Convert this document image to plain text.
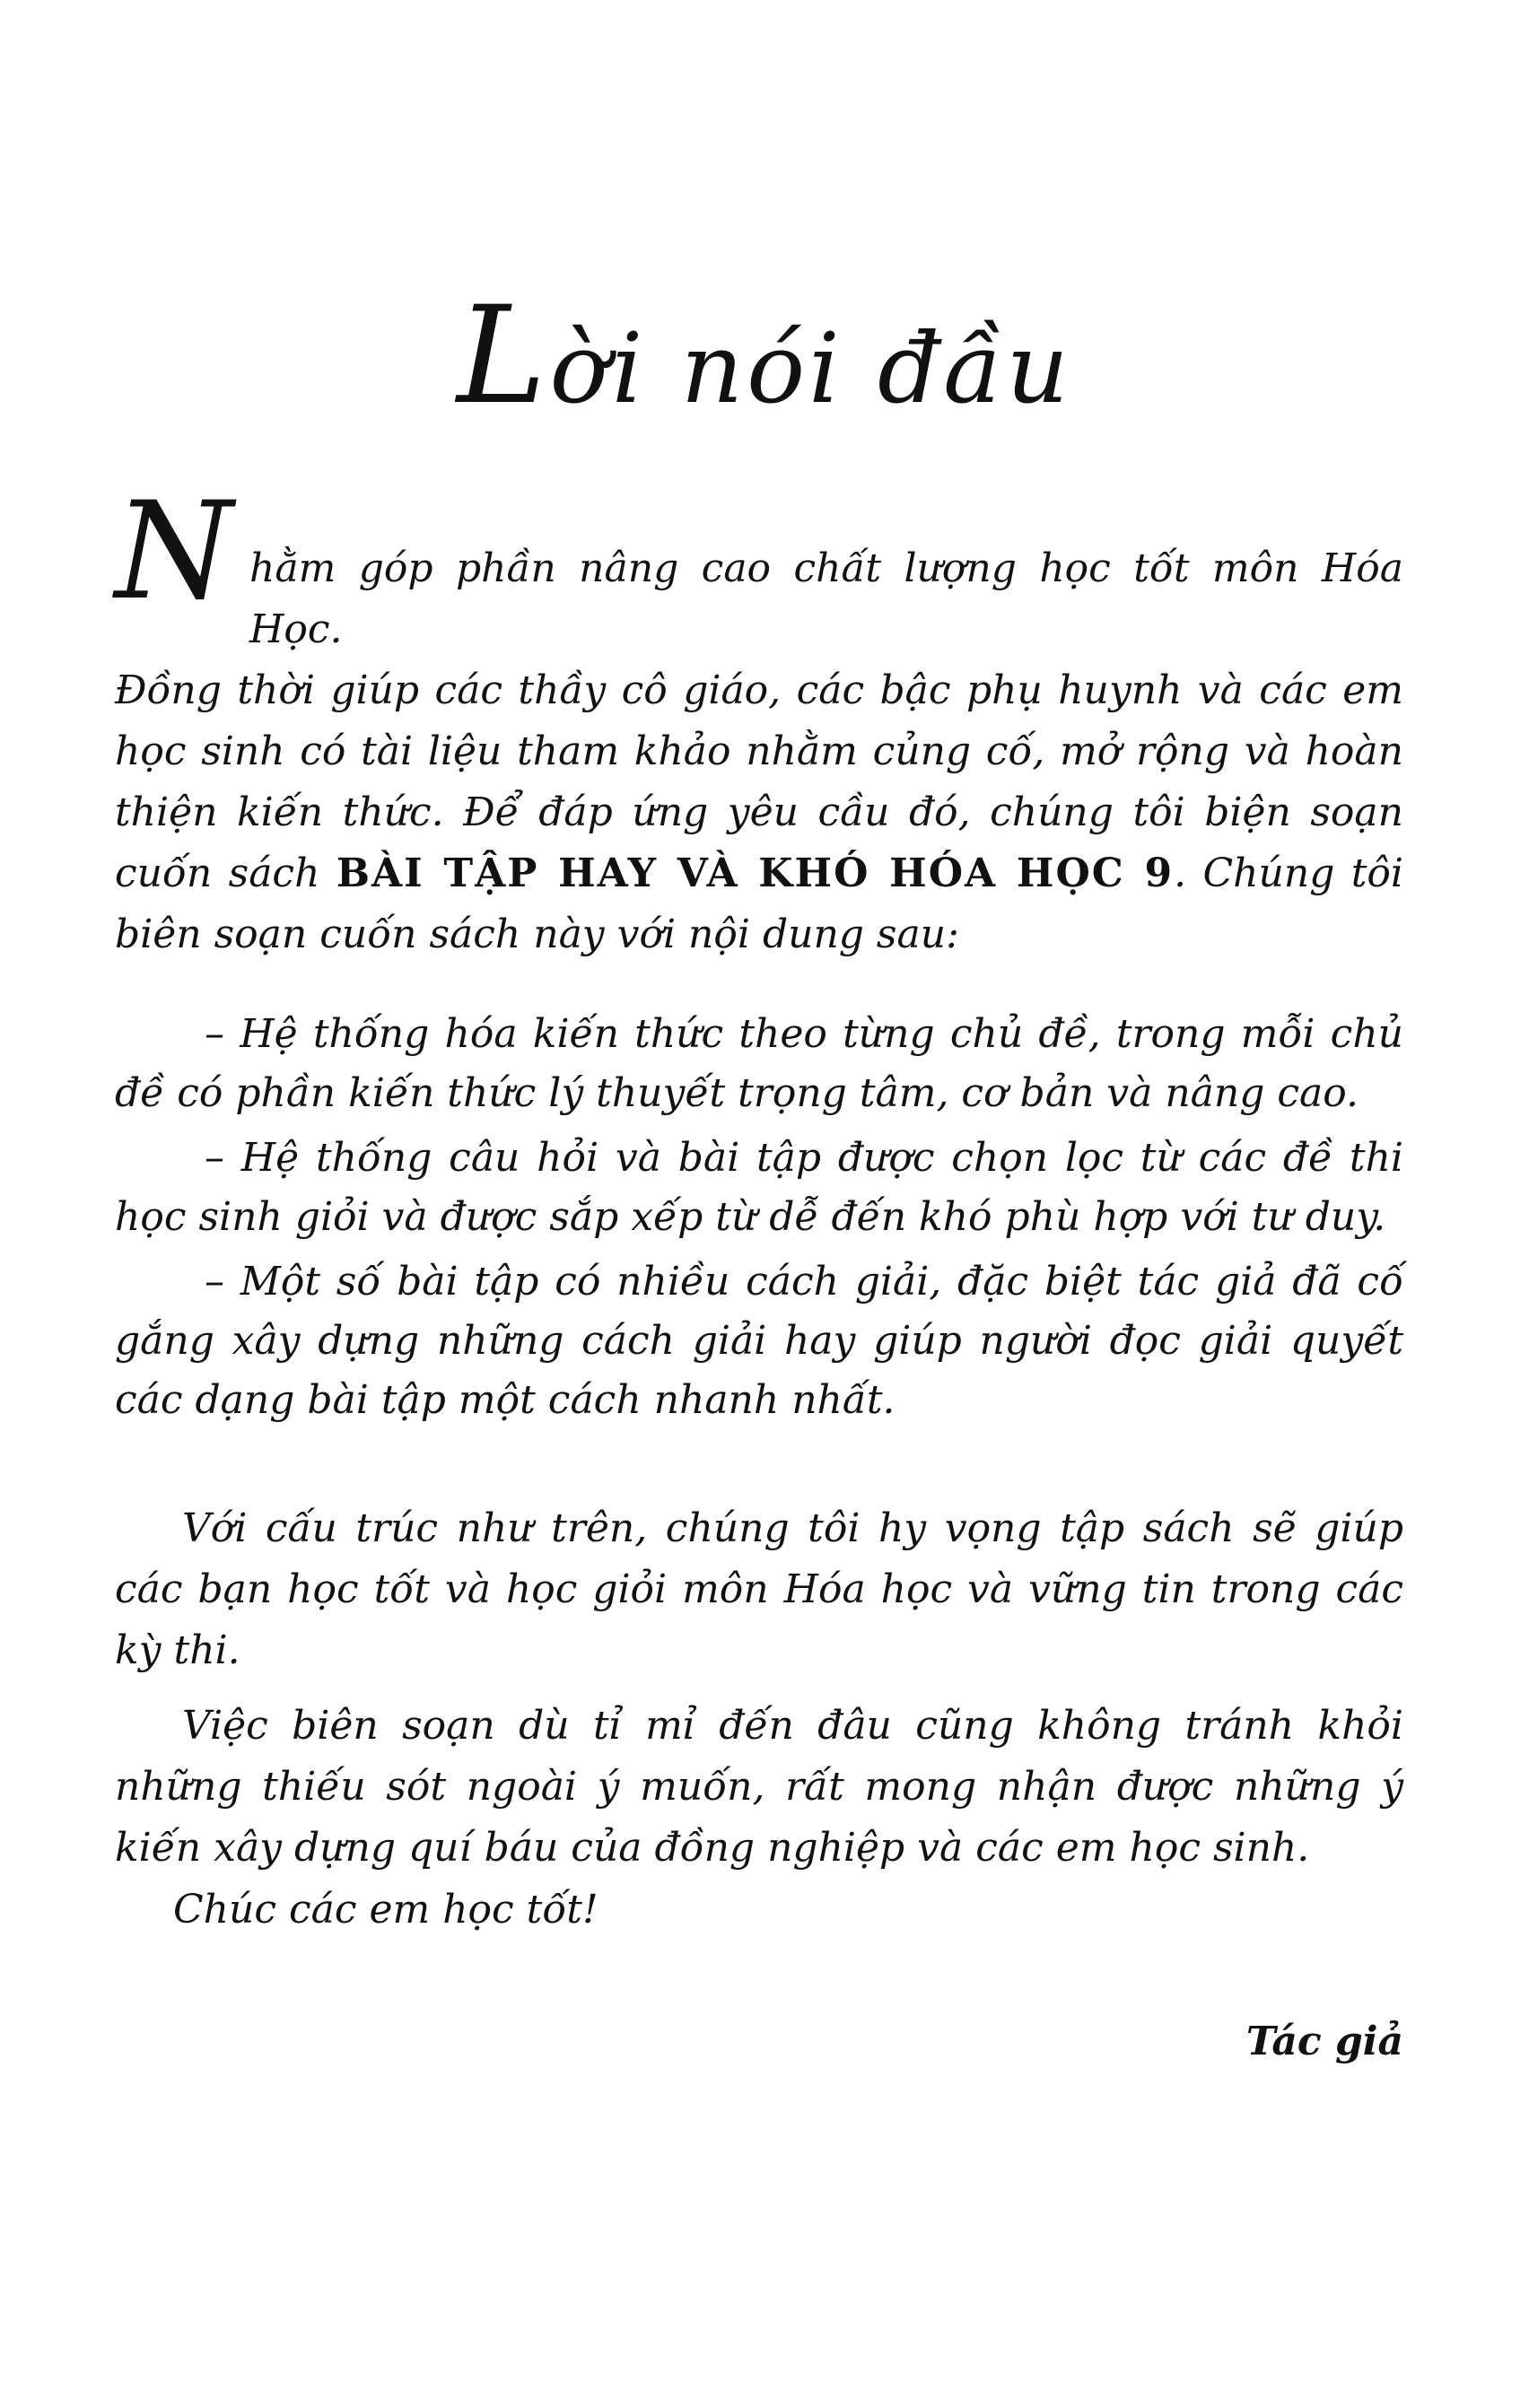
Lời nói đầu
N hằm góp phần nâng cao chất lượng học tốt môn Hóa Học.
Đồng thời giúp các thầy cô giáo, các bậc phụ huynh và các em học sinh có tài liệu tham khảo nhằm củng cố, mở rộng và hoàn thiện kiến thức. Để đáp ứng yêu cầu đó, chúng tôi biện soạn cuốn sách BÀI TẬP HAY VÀ KHÓ HÓA HỌC 9. Chúng tôi biên soạn cuốn sách này với nội dung sau:

– Hệ thống hóa kiến thức theo từng chủ đề, trong mỗi chủ đề có phần kiến thức lý thuyết trọng tâm, cơ bản và nâng cao.
– Hệ thống câu hỏi và bài tập được chọn lọc từ các đề thi học sinh giỏi và được sắp xếp từ dễ đến khó phù hợp với tư duy.
– Một số bài tập có nhiều cách giải, đặc biệt tác giả đã cố gắng xây dựng những cách giải hay giúp người đọc giải quyết các dạng bài tập một cách nhanh nhất.

Với cấu trúc như trên, chúng tôi hy vọng tập sách sẽ giúp các bạn học tốt và học giỏi môn Hóa học và vững tin trong các kỳ thi.

Việc biên soạn dù tỉ mỉ đến đâu cũng không tránh khỏi những thiếu sót ngoài ý muốn, rất mong nhận được những ý kiến xây dựng quí báu của đồng nghiệp và các em học sinh.

Chúc các em học tốt!

Tác giả
